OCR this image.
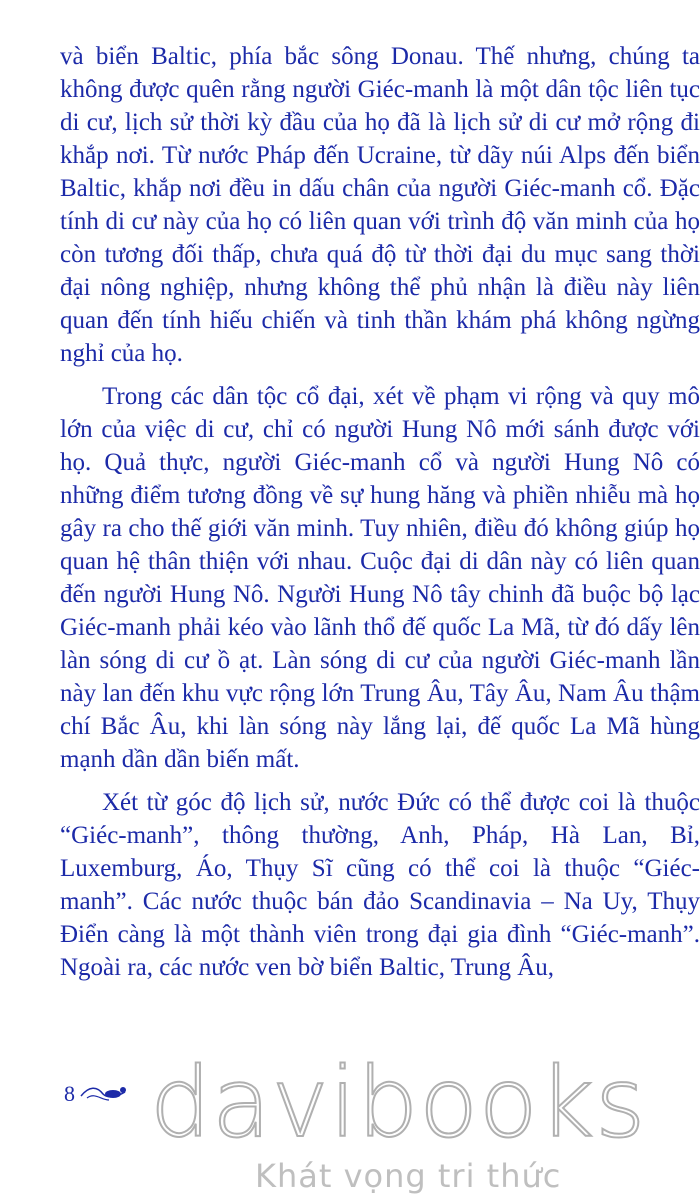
và biển Baltic, phía bắc sông Donau. Thế nhưng, chúng ta không được quên rằng người Giéc-manh là một dân tộc liên tục di cư, lịch sử thời kỳ đầu của họ đã là lịch sử di cư mở rộng đi khắp nơi. Từ nước Pháp đến Ucraine, từ dãy núi Alps đến biển Baltic, khắp nơi đều in dấu chân của người Giéc-manh cổ. Đặc tính di cư này của họ có liên quan với trình độ văn minh của họ còn tương đối thấp, chưa quá độ từ thời đại du mục sang thời đại nông nghiệp, nhưng không thể phủ nhận là điều này liên quan đến tính hiếu chiến và tinh thần khám phá không ngừng nghỉ của họ.

Trong các dân tộc cổ đại, xét về phạm vi rộng và quy mô lớn của việc di cư, chỉ có người Hung Nô mới sánh được với họ. Quả thực, người Giéc-manh cổ và người Hung Nô có những điểm tương đồng về sự hung hăng và phiền nhiễu mà họ gây ra cho thế giới văn minh. Tuy nhiên, điều đó không giúp họ quan hệ thân thiện với nhau. Cuộc đại di dân này có liên quan đến người Hung Nô. Người Hung Nô tây chinh đã buộc bộ lạc Giéc-manh phải kéo vào lãnh thổ đế quốc La Mã, từ đó dấy lên làn sóng di cư ồ ạt. Làn sóng di cư của người Giéc-manh lần này lan đến khu vực rộng lớn Trung Âu, Tây Âu, Nam Âu thậm chí Bắc Âu, khi làn sóng này lắng lại, đế quốc La Mã hùng mạnh dần dần biến mất.

Xét từ góc độ lịch sử, nước Đức có thể được coi là thuộc “Giéc-manh”, thông thường, Anh, Pháp, Hà Lan, Bỉ, Luxemburg, Áo, Thụy Sĩ cũng có thể coi là thuộc “Giéc-manh”. Các nước thuộc bán đảo Scandinavia – Na Uy, Thụy Điển càng là một thành viên trong đại gia đình “Giéc-manh”. Ngoài ra, các nước ven bờ biển Baltic, Trung Âu,

8 davibooks
Khát vọng tri thức
